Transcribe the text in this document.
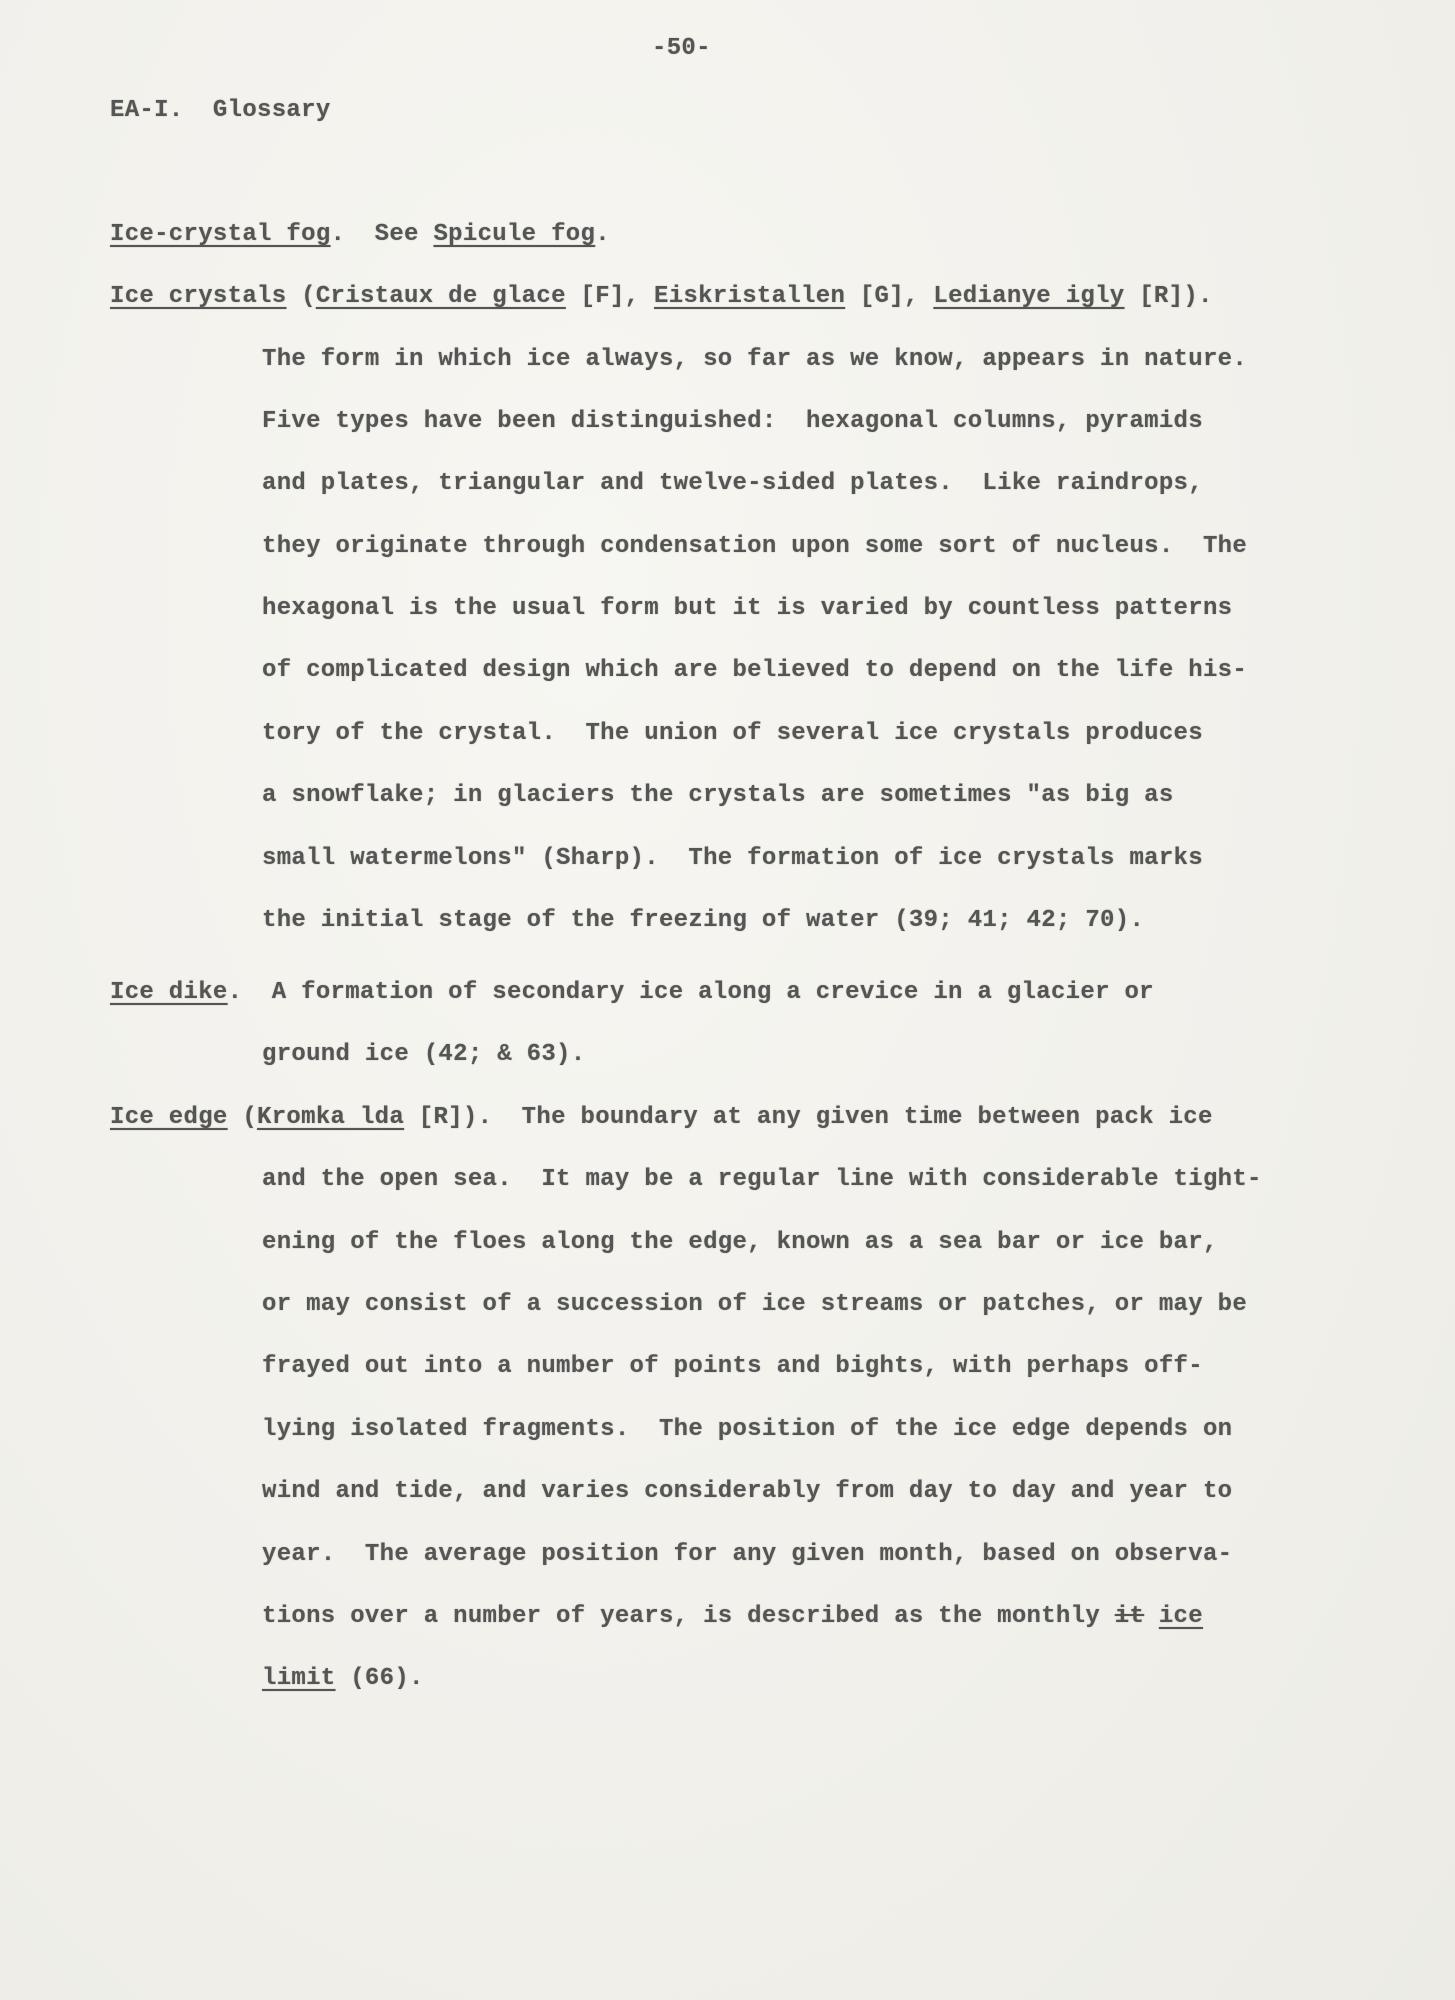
-50-
EA-I.  Glossary
Ice-crystal fog.  See Spicule fog.
Ice crystals (Cristaux de glace [F], Eiskristallen [G], Ledianye igly [R]).
The form in which ice always, so far as we know, appears in nature.
Five types have been distinguished:  hexagonal columns, pyramids
and plates, triangular and twelve-sided plates.  Like raindrops,
they originate through condensation upon some sort of nucleus.  The
hexagonal is the usual form but it is varied by countless patterns
of complicated design which are believed to depend on the life his-
tory of the crystal.  The union of several ice crystals produces
a snowflake; in glaciers the crystals are sometimes "as big as
small watermelons" (Sharp).  The formation of ice crystals marks
the initial stage of the freezing of water (39; 41; 42; 70).
Ice dike.  A formation of secondary ice along a crevice in a glacier or
ground ice (42; & 63).
Ice edge (Kromka lda [R]).  The boundary at any given time between pack ice
and the open sea.  It may be a regular line with considerable tight-
ening of the floes along the edge, known as a sea bar or ice bar,
or may consist of a succession of ice streams or patches, or may be
frayed out into a number of points and bights, with perhaps off-
lying isolated fragments.  The position of the ice edge depends on
wind and tide, and varies considerably from day to day and year to
year.  The average position for any given month, based on observa-
tions over a number of years, is described as the monthly it ice
limit (66).
